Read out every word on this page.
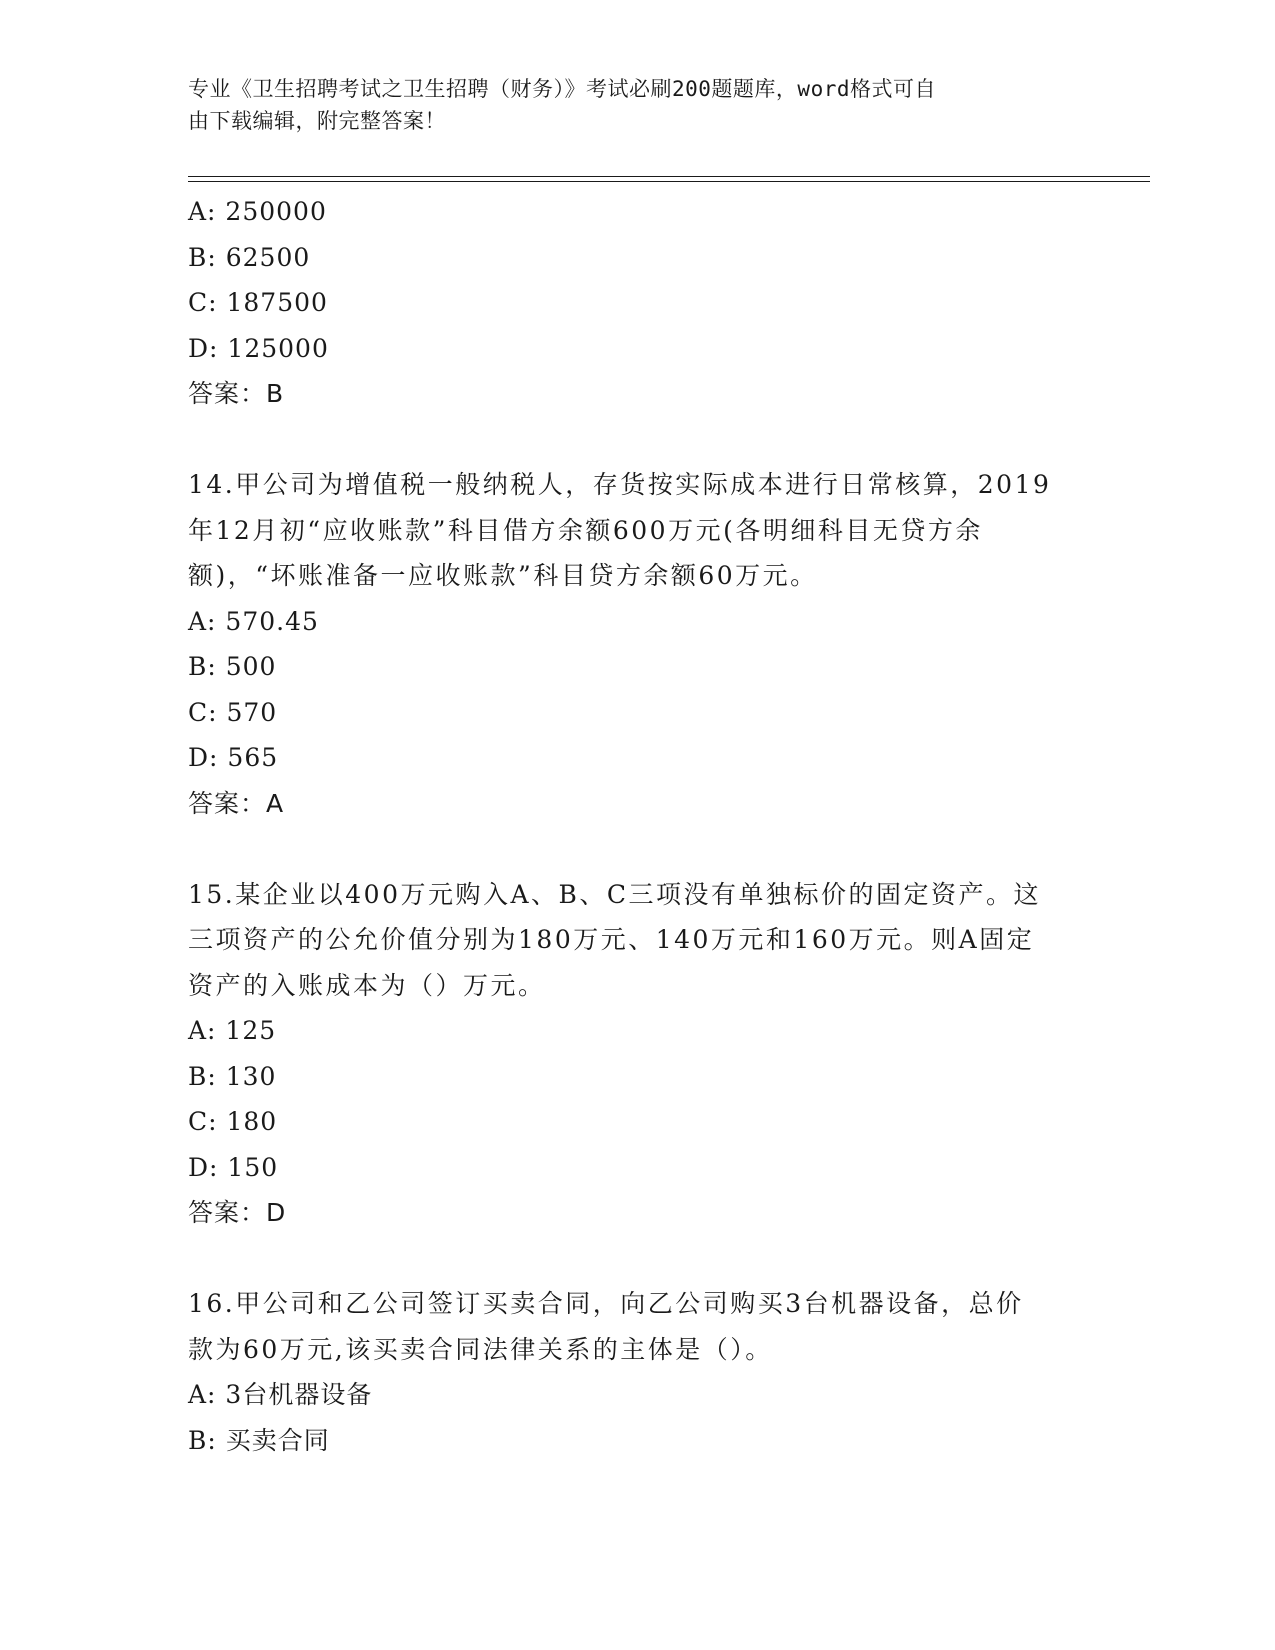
专业《卫生招聘考试之卫生招聘（财务）》考试必刷200题题库，word格式可自
由下载编辑，附完整答案！
A: 250000
B: 62500
C: 187500
D: 125000
答案：B
14.甲公司为增值税一般纳税人，存货按实际成本进行日常核算，2019
年12月初“应收账款”科目借方余额600万元(各明细科目无贷方余
额)，“坏账准备一应收账款”科目贷方余额60万元。
A: 570.45
B: 500
C: 570
D: 565
答案：A
15.某企业以400万元购入A、B、C三项没有单独标价的固定资产。这
三项资产的公允价值分别为180万元、140万元和160万元。则A固定
资产的入账成本为（）万元。
A: 125
B: 130
C: 180
D: 150
答案：D
16.甲公司和乙公司签订买卖合同，向乙公司购买3台机器设备，总价
款为60万元,该买卖合同法律关系的主体是（）。
A: 3台机器设备
B: 买卖合同
